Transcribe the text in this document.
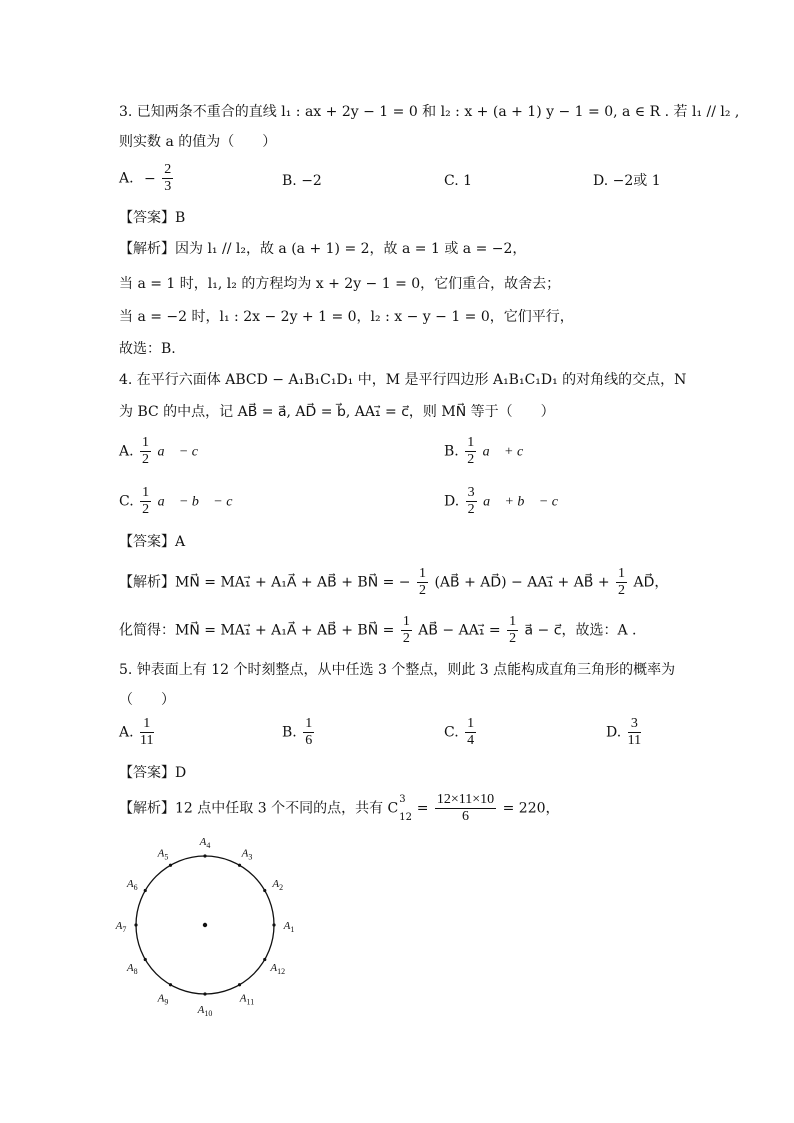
3. 已知两条不重合的直线 l₁ : ax + 2y − 1 = 0 和 l₂ : x + (a + 1) y − 1 = 0, a ∈ R . 若 l₁ // l₂ ,
则实数 a 的值为（　　）
A. − $\frac{2}{3}$	B. −2	C. 1	D. −2或 1
【答案】B
【解析】因为 l₁ // l₂，故 a (a + 1) = 2，故 a = 1 或 a = −2，
当 a = 1 时，l₁, l₂ 的方程均为 x + 2y − 1 = 0，它们重合，故舍去；
当 a = −2 时，l₁ : 2x − 2y + 1 = 0，l₂ : x − y − 1 = 0，它们平行，
故选：B.
4. 在平行六面体 ABCD − A₁B₁C₁D₁ 中，M 是平行四边形 A₁B₁C₁D₁ 的对角线的交点，N
为 BC 的中点，记 AB⃗ = a⃗, AD⃗ = b⃗, AA₁⃗ = c⃗，则 MN⃗ 等于（　　）
A. $\frac{1}{2}$ a⃗ − c⃗	B. $\frac{1}{2}$ a⃗ + c⃗
C. $\frac{1}{2}$ a⃗ − b⃗ − c⃗	D. $\frac{3}{2}$ a⃗ + b⃗ − c⃗
【答案】A
【解析】MN⃗ = MA₁⃗ + A₁A⃗ + AB⃗ + BN⃗ = − $\frac{1}{2}$ (AB⃗ + AD⃗) − AA₁⃗ + AB⃗ + $\frac{1}{2}$ AD⃗，
化简得：MN⃗ = MA₁⃗ + A₁A⃗ + AB⃗ + BN⃗ = $\frac{1}{2}$ AB⃗ − AA₁⃗ = $\frac{1}{2}$ a⃗ − c⃗，故选：A .
5. 钟表面上有 12 个时刻整点，从中任选 3 个整点，则此 3 点能构成直角三角形的概率为
（　　）
A. $\frac{1}{11}$	B. $\frac{1}{6}$	C. $\frac{1}{4}$	D. $\frac{3}{11}$
【答案】D
【解析】12 点中任取 3 个不同的点，共有 C
3
12
= $\frac{12\times 11\times 10}{6} = 220$，
$A_1$
$A_2$
$A_3$
$A_4$
$A_5$
$A_6$
$A_7$
$A_8$
$A_9$
$A_{10}$
$A_{11}$
$A_{12}$
